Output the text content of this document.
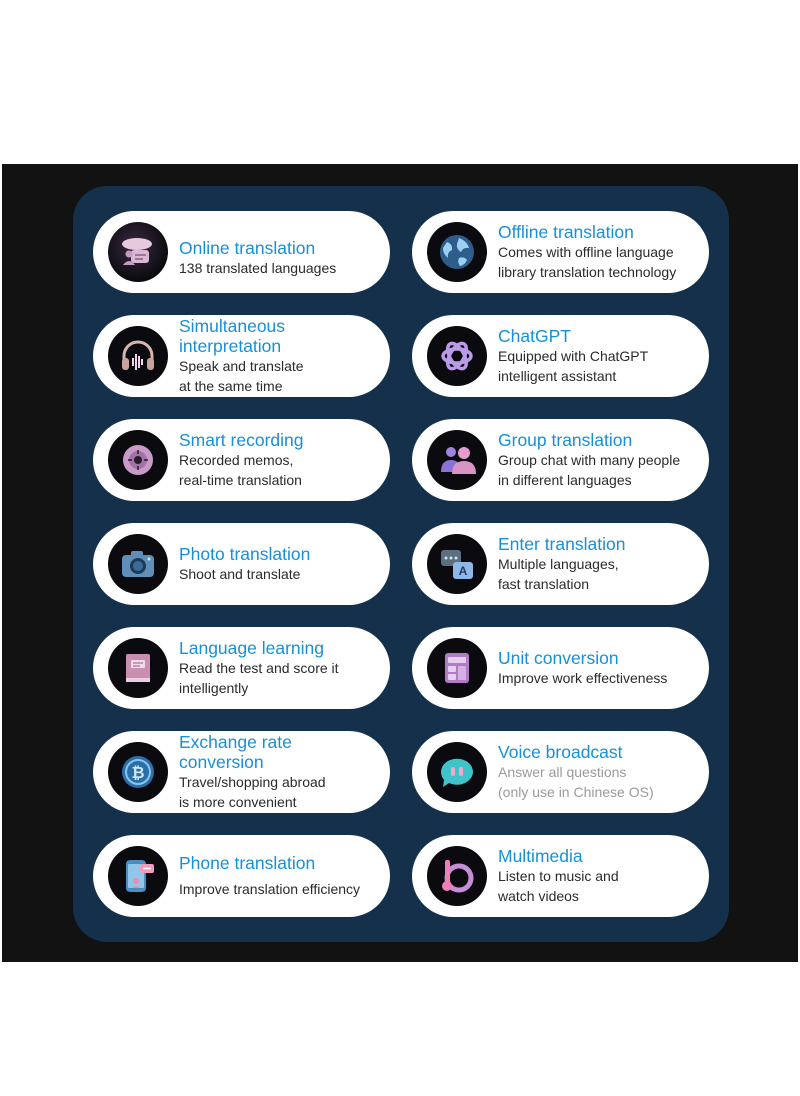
Online translation
138 translated languages
Offline translation
Comes with offline language
library translation technology
Simultaneous
interpretation
Speak and translate
at the same time
ChatGPT
Equipped with ChatGPT
intelligent assistant
Smart recording
Recorded memos,
real-time translation
Group translation
Group chat with many people
in different languages
Photo translation
Shoot and translate	A
Enter translation
Multiple languages,
fast translation
Language learning
Read the test and score it
intelligently
Unit conversion
Improve work effectiveness
₿
Exchange rate
conversion
Travel/shopping abroad
is more convenient
Voice broadcast
Answer all questions
(only use in Chinese OS)
Phone translation
Improve translation efficiency
Multimedia
Listen to music and
watch videos
